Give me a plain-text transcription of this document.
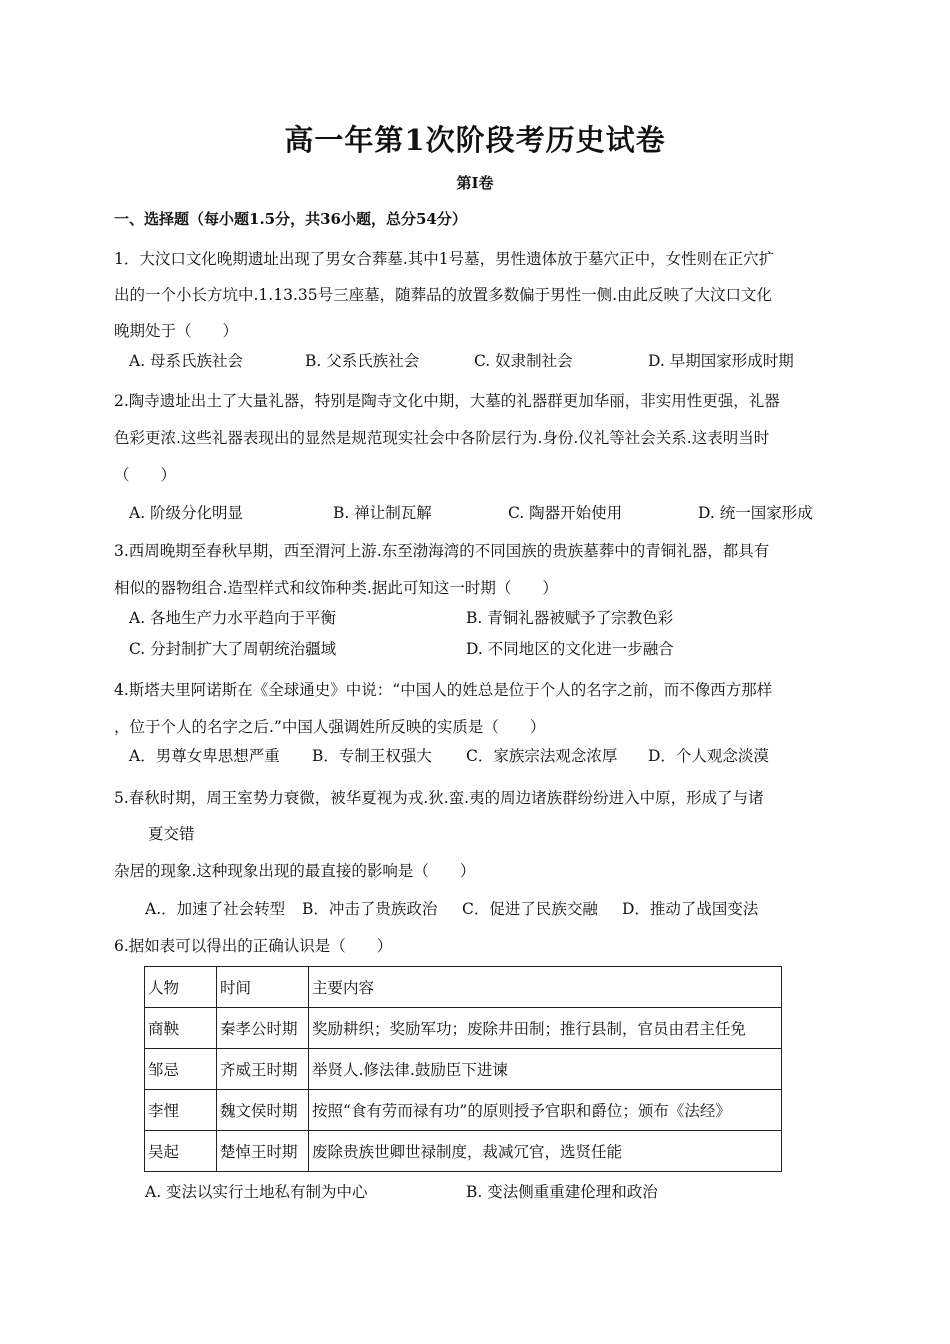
高一年第1次阶段考历史试卷
第Ⅰ卷
一、选择题（每小题1.5分，共36小题，总分54分）
1．大汶口文化晚期遗址出现了男女合葬墓.其中1号墓，男性遗体放于墓穴正中，女性则在正穴扩
出的一个小长方坑中.1.13.35号三座墓，随葬品的放置多数偏于男性一侧.由此反映了大汶口文化
晚期处于（　　）
A. 母系氏族社会	B. 父系氏族社会	C. 奴隶制社会	D. 早期国家形成时期
2.陶寺遗址出土了大量礼器，特别是陶寺文化中期，大墓的礼器群更加华丽，非实用性更强，礼器
色彩更浓.这些礼器表现出的显然是规范现实社会中各阶层行为.身份.仪礼等社会关系.这表明当时
（　　）
A. 阶级分化明显	B. 禅让制瓦解	C. 陶器开始使用	D. 统一国家形成
3.西周晚期至春秋早期，西至渭河上游.东至渤海湾的不同国族的贵族墓葬中的青铜礼器，都具有
相似的器物组合.造型样式和纹饰种类.据此可知这一时期（　　）
A. 各地生产力水平趋向于平衡	B. 青铜礼器被赋予了宗教色彩
C. 分封制扩大了周朝统治疆域	D. 不同地区的文化进一步融合
4.斯塔夫里阿诺斯在《全球通史》中说：“中国人的姓总是位于个人的名字之前，而不像西方那样
，位于个人的名字之后.”中国人强调姓所反映的实质是（　　）
A．男尊女卑思想严重 B．专制王权强大 C．家族宗法观念浓厚 D．个人观念淡漠
5.春秋时期，周王室势力衰微，被华夏视为戎.狄.蛮.夷的周边诸族群纷纷进入中原，形成了与诸
夏交错
杂居的现象.这种现象出现的最直接的影响是（　　）
A.．加速了社会转型 B．冲击了贵族政治 C．促进了民族交融 D．推动了战国变法
6.据如表可以得出的正确认识是（　　）
人物	时间	主要内容
商鞅	秦孝公时期	奖励耕织；奖励军功；废除井田制；推行县制，官员由君主任免
邹忌	齐威王时期	举贤人.修法律.鼓励臣下进谏
李悝	魏文侯时期	按照“食有劳而禄有功”的原则授予官职和爵位；颁布《法经》
吴起	楚悼王时期	废除贵族世卿世禄制度，裁减冗官，选贤任能
A. 变法以实行土地私有制为中心	B. 变法侧重重建伦理和政治
